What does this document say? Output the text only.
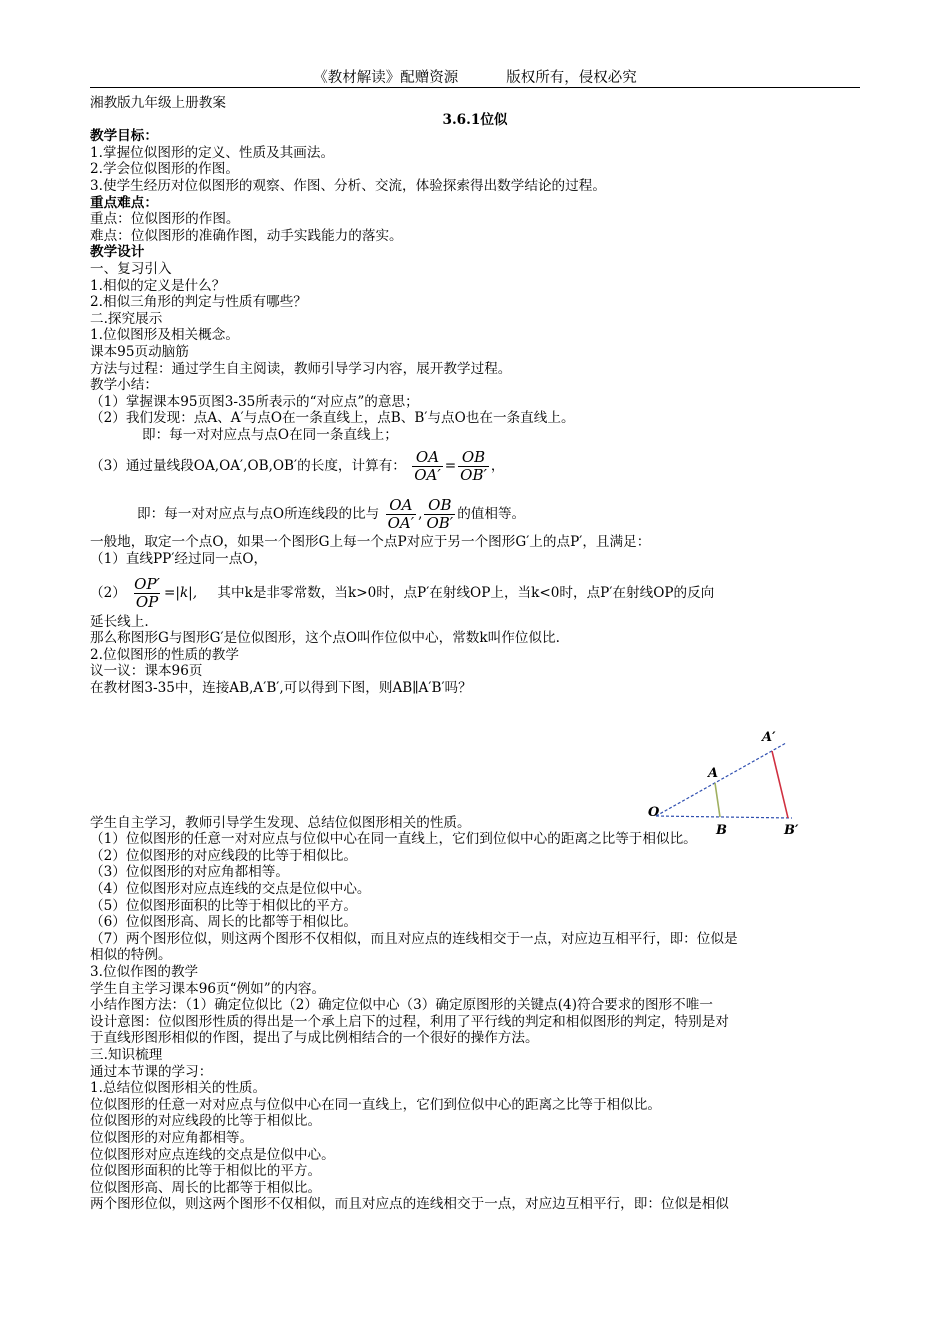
《教材解读》配赠资源	版权所有，侵权必究
湘教版九年级上册教案
3.6.1位似
教学目标：
1.掌握位似图形的定义、性质及其画法。
2.学会位似图形的作图。
3.使学生经历对位似图形的观察、作图、分析、交流，体验探索得出数学结论的过程。
重点难点：
重点：位似图形的作图。
难点：位似图形的准确作图，动手实践能力的落实。
教学设计
一、复习引入
1.相似的定义是什么？
2.相似三角形的判定与性质有哪些？
二.探究展示
1.位似图形及相关概念。
课本95页动脑筋
方法与过程：通过学生自主阅读，教师引导学习内容，展开教学过程。
教学小结：
（1）掌握课本95页图3-35所表示的“对应点”的意思；
（2）我们发现：点A、A′与点O在一条直线上，点B、B′与点O也在一条直线上。
即：每一对对应点与点O在同一条直线上；
（3）通过量线段OA,OA′,OB,OB′的长度，计算有： $\frac{OA}{OA'} = \frac{OB}{OB'}$ ，
即：每一对对应点与点O所连线段的比与 $\frac{OA}{OA'}$ , $\frac{OB}{OB'}$ 的值相等。
一般地，取定一个点O，如果一个图形G上每一个点P对应于另一个图形G′上的点P′，且满足：
（1）直线PP′经过同一点O，
$(2) \frac{OP'}{OP} =|k|$, 其中k是非零常数，当k>0时，点P′在射线OP上，当k<0时，点P′在射线OP的反向
延长线上.
那么称图形G与图形G′是位似图形，这个点O叫作位似中心，常数k叫作位似比.
2.位似图形的性质的教学
议一议：课本96页
在教材图3-35中，连接AB,A′B′,可以得到下图，则AB∥A′B′吗？
学生自主学习，教师引导学生发现、总结位似图形相关的性质。
（1）位似图形的任意一对对应点与位似中心在同一直线上，它们到位似中心的距离之比等于相似比。
（2）位似图形的对应线段的比等于相似比。
（3）位似图形的对应角都相等。
（4）位似图形对应点连线的交点是位似中心。
（5）位似图形面积的比等于相似比的平方。
（6）位似图形高、周长的比都等于相似比。
（7）两个图形位似，则这两个图形不仅相似，而且对应点的连线相交于一点，对应边互相平行，即：位似是
相似的特例。
3.位似作图的教学
学生自主学习课本96页“例如”的内容。
小结作图方法：（1）确定位似比（2）确定位似中心（3）确定原图形的关键点(4)符合要求的图形不唯一
设计意图：位似图形性质的得出是一个承上启下的过程，利用了平行线的判定和相似图形的判定，特别是对
于直线形图形相似的作图，提出了与成比例相结合的一个很好的操作方法。
三.知识梳理
通过本节课的学习：
1.总结位似图形相关的性质。
位似图形的任意一对对应点与位似中心在同一直线上，它们到位似中心的距离之比等于相似比。
位似图形的对应线段的比等于相似比。
位似图形的对应角都相等。
位似图形对应点连线的交点是位似中心。
位似图形面积的比等于相似比的平方。
位似图形高、周长的比都等于相似比。
两个图形位似，则这两个图形不仅相似，而且对应点的连线相交于一点，对应边互相平行，即：位似是相似
O
A
A′
B	B′
